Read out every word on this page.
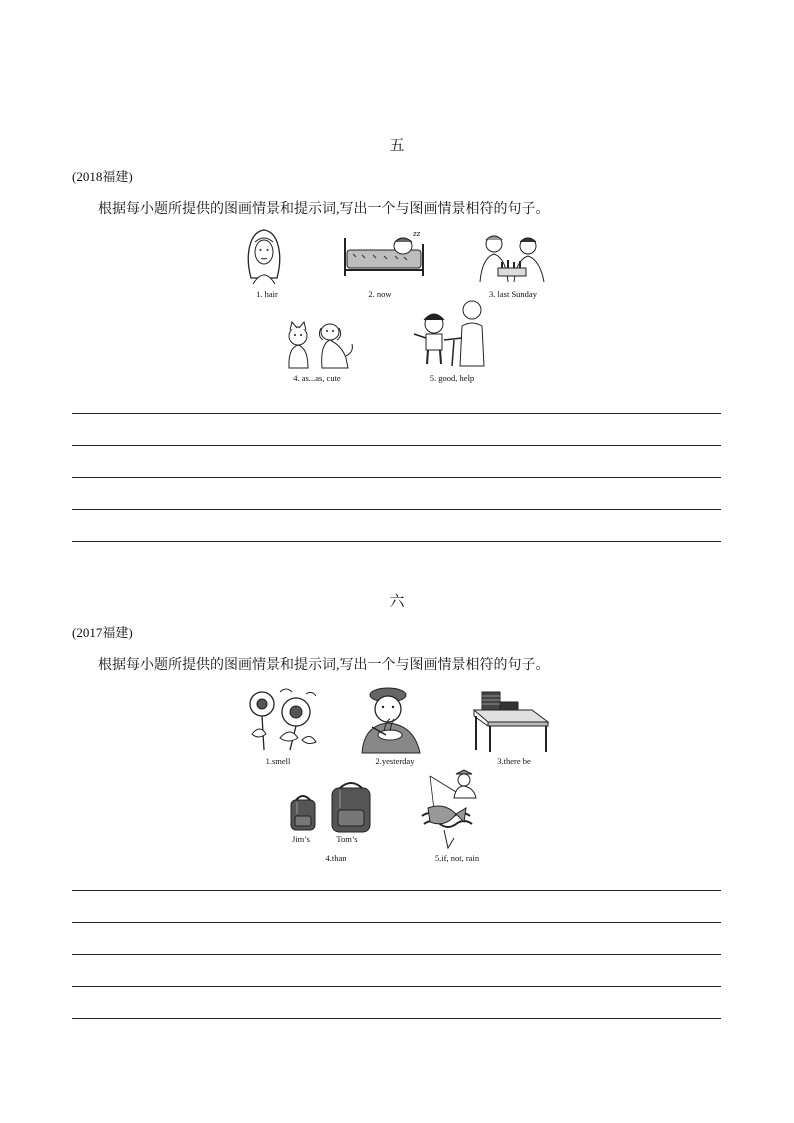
五
(2018福建)
根据每小题所提供的图画情景和提示词,写出一个与图画情景相符的句子。
1. hair
zz
2. now	3. last Sunday
4. as...as, cute	5. good, help
六
(2017福建)
根据每小题所提供的图画情景和提示词,写出一个与图画情景相符的句子。
1.smell	2.yesterday	3.there be
Jim’s	Tom’s
4.than	5.if, not, rain
